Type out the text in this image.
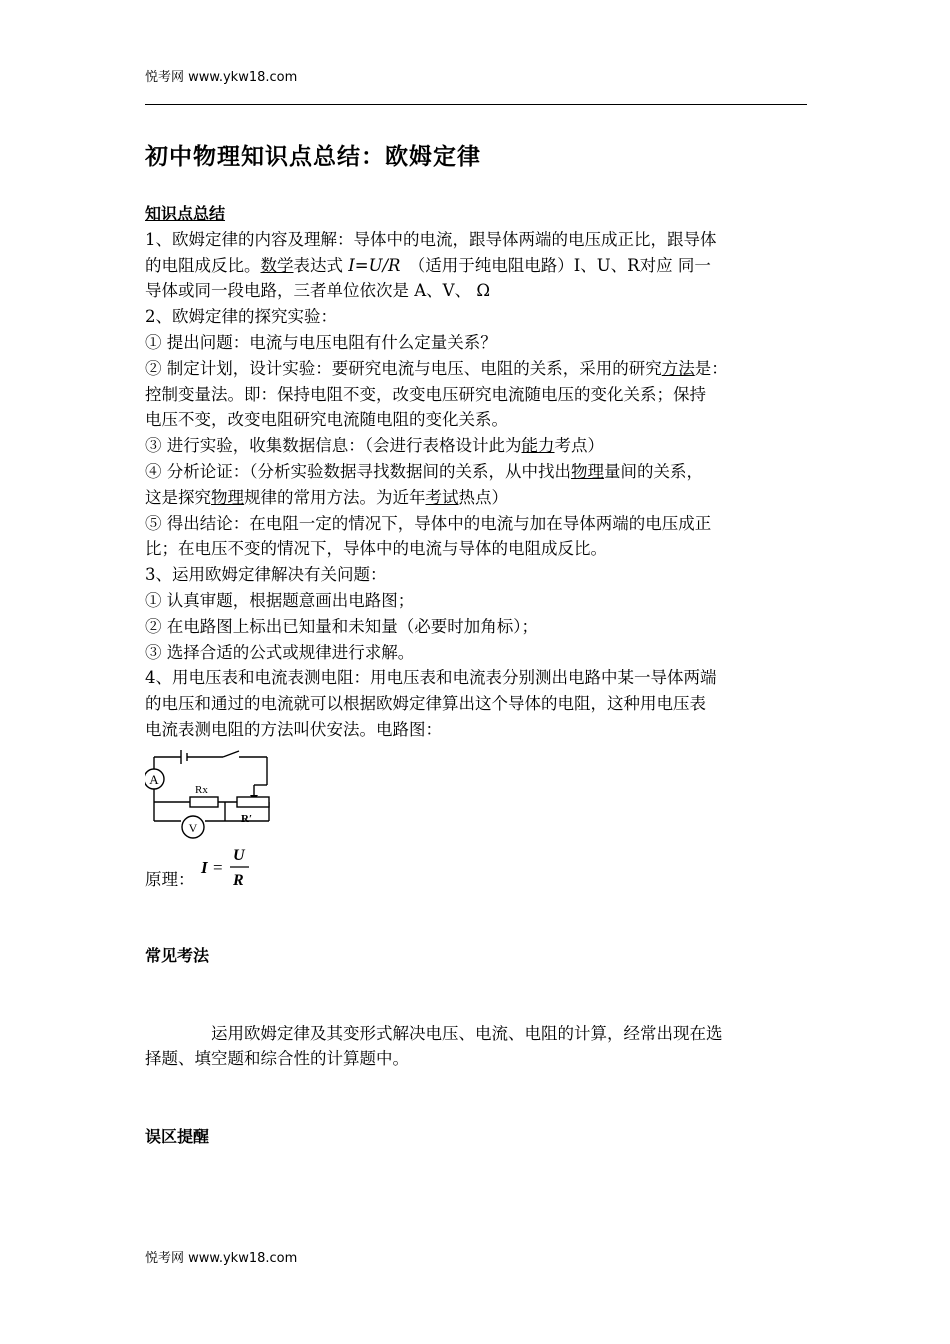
悦考网 www.ykw18.com
初中物理知识点总结：欧姆定律
知识点总结
1、欧姆定律的内容及理解：导体中的电流，跟导体两端的电压成正比，跟导体
的电阻成反比。数学表达式 I=U/R　（适用于纯电阻电路）I、U、R对应 同一
导体或同一段电路，三者单位依次是 A、V、 Ω
2、欧姆定律的探究实验：
① 提出问题：电流与电压电阻有什么定量关系？
② 制定计划，设计实验：要研究电流与电压、电阻的关系，采用的研究方法是：
控制变量法。即：保持电阻不变，改变电压研究电流随电压的变化关系；保持
电压不变，改变电阻研究电流随电阻的变化关系。
③ 进行实验，收集数据信息：（会进行表格设计此为能力考点）
④ 分析论证：（分析实验数据寻找数据间的关系，从中找出物理量间的关系，
这是探究物理规律的常用方法。为近年考试热点）
⑤ 得出结论：在电阻一定的情况下，导体中的电流与加在导体两端的电压成正
比；在电压不变的情况下，导体中的电流与导体的电阻成反比。
3、运用欧姆定律解决有关问题：
① 认真审题，根据题意画出电路图；
② 在电路图上标出已知量和未知量（必要时加角标）；
③ 选择合适的公式或规律进行求解。
4、用电压表和电流表测电阻：用电压表和电流表分别测出电路中某一导体两端
的电压和通过的电流就可以根据欧姆定律算出这个导体的电阻，这种用电压表
电流表测电阻的方法叫伏安法。电路图：
A
Rx
R′
V
原理：
I =
U
R
常见考法
运用欧姆定律及其变形式解决电压、电流、电阻的计算，经常出现在选
择题、填空题和综合性的计算题中。
误区提醒
悦考网 www.ykw18.com
